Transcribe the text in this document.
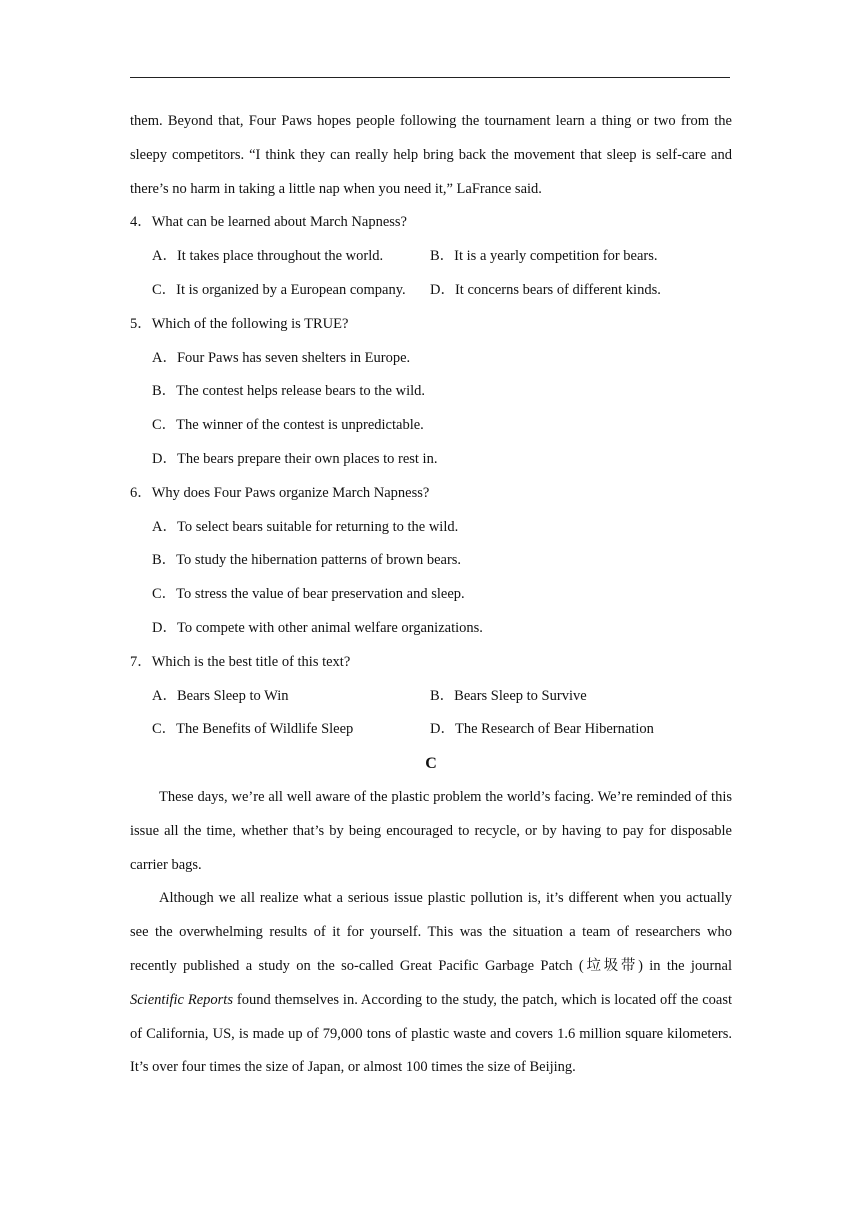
them. Beyond that, Four Paws hopes people following the tournament learn a thing or two from the sleepy competitors. “I think they can really help bring back the movement that sleep is self-care and there’s no harm in taking a little nap when you need it,” LaFrance said.

4．What can be learned about March Napness?

A．It takes place throughout the world.	B．It is a yearly competition for bears.
C．It is organized by a European company.	D．It concerns bears of different kinds.

5．Which of the following is TRUE?

A．Four Paws has seven shelters in Europe.

B．The contest helps release bears to the wild.

C．The winner of the contest is unpredictable.

D．The bears prepare their own places to rest in.

6．Why does Four Paws organize March Napness?

A．To select bears suitable for returning to the wild.

B．To study the hibernation patterns of brown bears.

C．To stress the value of bear preservation and sleep.

D．To compete with other animal welfare organizations.

7．Which is the best title of this text?

A．Bears Sleep to Win	B．Bears Sleep to Survive
C．The Benefits of Wildlife Sleep	D．The Research of Bear Hibernation

C

These days, we’re all well aware of the plastic problem the world’s facing. We’re reminded of this issue all the time, whether that’s by being encouraged to recycle, or by having to pay for disposable carrier bags.

Although we all realize what a serious issue plastic pollution is, it’s different when you actually see the overwhelming results of it for yourself. This was the situation a team of researchers who recently published a study on the so-called Great Pacific Garbage Patch (垃圾带) in the journal Scientific Reports found themselves in. According to the study, the patch, which is located off the coast of California, US, is made up of 79,000 tons of plastic waste and covers 1.6 million square kilometers. It’s over four times the size of Japan, or almost 100 times the size of Beijing.
